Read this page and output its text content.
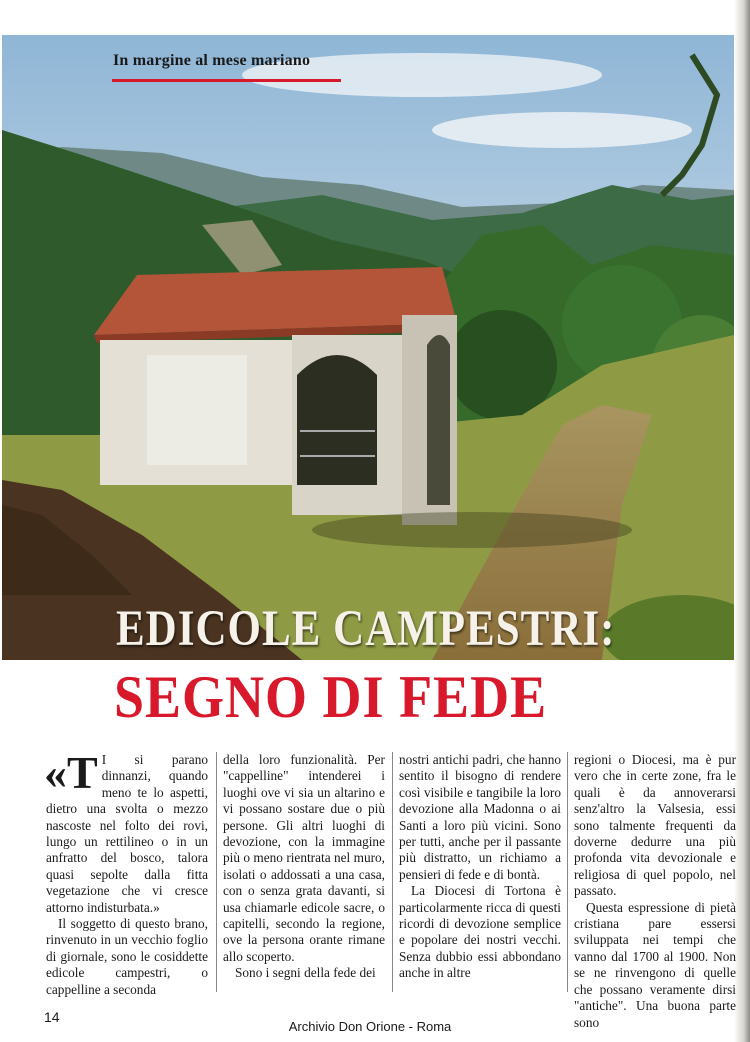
In margine al mese mariano
EDICOLE CAMPESTRI:
SEGNO DI FEDE

«T I si parano dinnanzi, quando meno te lo aspetti, dietro una svolta o mezzo nascoste nel folto dei rovi, lungo un rettilineo o in un anfratto del bosco, talora quasi sepolte dalla fitta vegetazione che vi cresce attorno indisturbata.»

Il soggetto di questo brano, rinvenuto in un vecchio foglio di giornale, sono le cosiddette edicole campestri, o cappelline a seconda

della loro funzionalità. Per "cappelline" intenderei i luoghi ove vi sia un altarino e vi possano sostare due o più persone. Gli altri luoghi di devozione, con la immagine più o meno rientrata nel muro, isolati o addossati a una casa, con o senza grata davanti, si usa chiamarle edicole sacre, o capitelli, secondo la regione, ove la persona orante rimane allo scoperto.

Sono i segni della fede dei

nostri antichi padri, che hanno sentito il bisogno di rendere così visibile e tangibile la loro devozione alla Madonna o ai Santi a loro più vicini. Sono per tutti, anche per il passante più distratto, un richiamo a pensieri di fede e di bontà.

La Diocesi di Tortona è particolarmente ricca di questi ricordi di devozione semplice e popolare dei nostri vecchi. Senza dubbio essi abbondano anche in altre

regioni o Diocesi, ma è pur vero che in certe zone, fra le quali è da annoverarsi senz'altro la Valsesia, essi sono talmente frequenti da doverne dedurre una più profonda vita devozionale e religiosa di quel popolo, nel passato.

Questa espressione di pietà cristiana pare essersi sviluppata nei tempi che vanno dal 1700 al 1900. Non se ne rinvengono di quelle che possano veramente dirsi "antiche". Una buona parte sono

14
Archivio Don Orione - Roma
